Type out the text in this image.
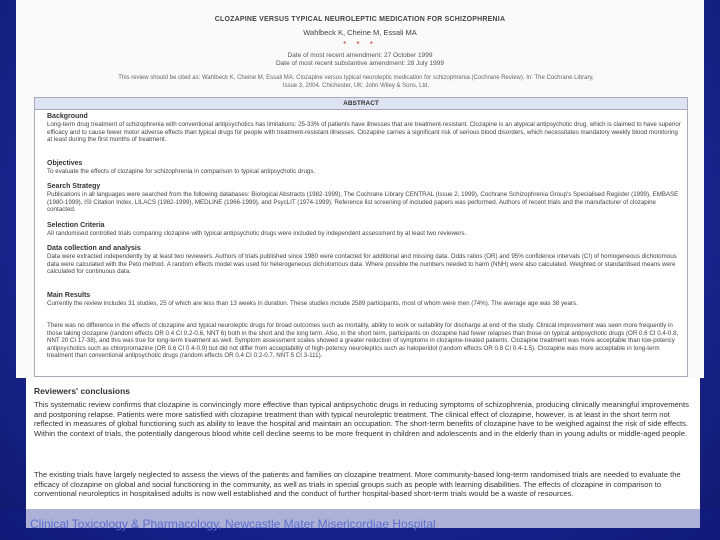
CLOZAPINE VERSUS TYPICAL NEUROLEPTIC MEDICATION FOR SCHIZOPHRENIA
Wahlbeck K, Cheine M, Essali MA
* * *
Date of most recent amendment: 27 October 1999
Date of most recent substantive amendment: 28 July 1999
This review should be cited as: Wahlbeck K, Cheine M, Essali MA. Clozapine versus typical neuroleptic medication for schizophrenia (Cochrane Review). In: The Cochrane Library, Issue 3, 2004. Chichester, UK: John Wiley & Sons, Ltd.
ABSTRACT
Background

Long-term drug treatment of schizophrenia with conventional antipsychotics has limitations: 25-33% of patients have illnesses that are treatment-resistant. Clozapine is an atypical antipsychotic drug, which is claimed to have superior efficacy and to cause fewer motor adverse effects than typical drugs for people with treatment-resistant illnesses. Clozapine carries a significant risk of serious blood disorders, which necessitates mandatory weekly blood monitoring at least during the first months of treatment.

Objectives

To evaluate the effects of clozapine for schizophrenia in comparison to typical antipsychotic drugs.

Search Strategy

Publications in all languages were searched from the following databases: Biological Abstracts (1982-1999), The Cochrane Library CENTRAL (Issue 2, 1999), Cochrane Schizophrenia Group's Specialised Register (1999), EMBASE (1980-1999), ISI Citation Index, LILACS (1982-1999), MEDLINE (1966-1999), and PsycLIT (1974-1999). Reference list screening of included papers was performed. Authors of recent trials and the manufacturer of clozapine contacted.

Selection Criteria

All randomised controlled trials comparing clozapine with typical antipsychotic drugs were included by independent assessment by at least two reviewers.

Data collection and analysis

Data were extracted independently by at least two reviewers. Authors of trials published since 1980 were contacted for additional and missing data. Odds ratios (OR) and 95% confidence intervals (CI) of homogeneous dichotomous data were calculated with the Peto method. A random effects model was used for heterogeneous dichotomous data. Where possible the numbers needed to harm (NNH) were also calculated. Weighted or standardised means were calculated for continuous data.

Main Results

Currently the review includes 31 studies, 25 of which are less than 13 weeks in duration. These studies include 2589 participants, most of whom were men (74%). The average age was 38 years.

There was no difference in the effects of clozapine and typical neuroleptic drugs for broad outcomes such as mortality, ability to work or suitability for discharge at end of the study. Clinical improvement was seen more frequently in those taking clozapine (random effects OR 0.4 CI 0.2-0.6, NNT 6) both in the short and the long term. Also, in the short term, participants on clozapine had fewer relapses than those on typical antipsychotic drugs (OR 0.6 CI 0.4-0.8, NNT 20 CI 17-38), and this was true for long-term treatment as well. Symptom assessment scales showed a greater reduction of symptoms in clozapine-treated patients. Clozapine treatment was more acceptable than low-potency antipsychotics such as chlorpromazine (OR 0.6 CI 0.4-0.9) but did not differ from acceptability of high-potency neuroleptics such as haloperidol (random effects OR 0.8 CI 0.4-1.5). Clozapine was more acceptable in long-term treatment than conventional antipsychotic drugs (random effects OR 0.4 CI 0.2-0.7, NNT 5 CI 3-111).

Reviewers' conclusions

This systematic review confirms that clozapine is convincingly more effective than typical antipsychotic drugs in reducing symptoms of schizophrenia, producing clinically meaningful improvements and postponing relapse. Patients were more satisfied with clozapine treatment than with typical neuroleptic treatment. The clinical effect of clozapine, however, is at least in the short term not reflected in measures of global functioning such as ability to leave the hospital and maintain an occupation. The short-term benefits of clozapine have to be weighed against the risk of side effects. Within the context of trials, the potentially dangerous blood white cell decline seems to be more frequent in children and adolescents and in the elderly than in young adults or middle-aged people.

The existing trials have largely neglected to assess the views of the patients and families on clozapine treatment. More community-based long-term randomised trials are needed to evaluate the efficacy of clozapine on global and social functioning in the community, as well as trials in special groups such as people with learning disabilities. The effects of clozapine in comparison to conventional neuroleptics in hospitalised adults is now well established and the conduct of further hospital-based short-term trials would be a waste of resources.

Clinical Toxicology & Pharmacology, Newcastle Mater Misericordiae Hospital
